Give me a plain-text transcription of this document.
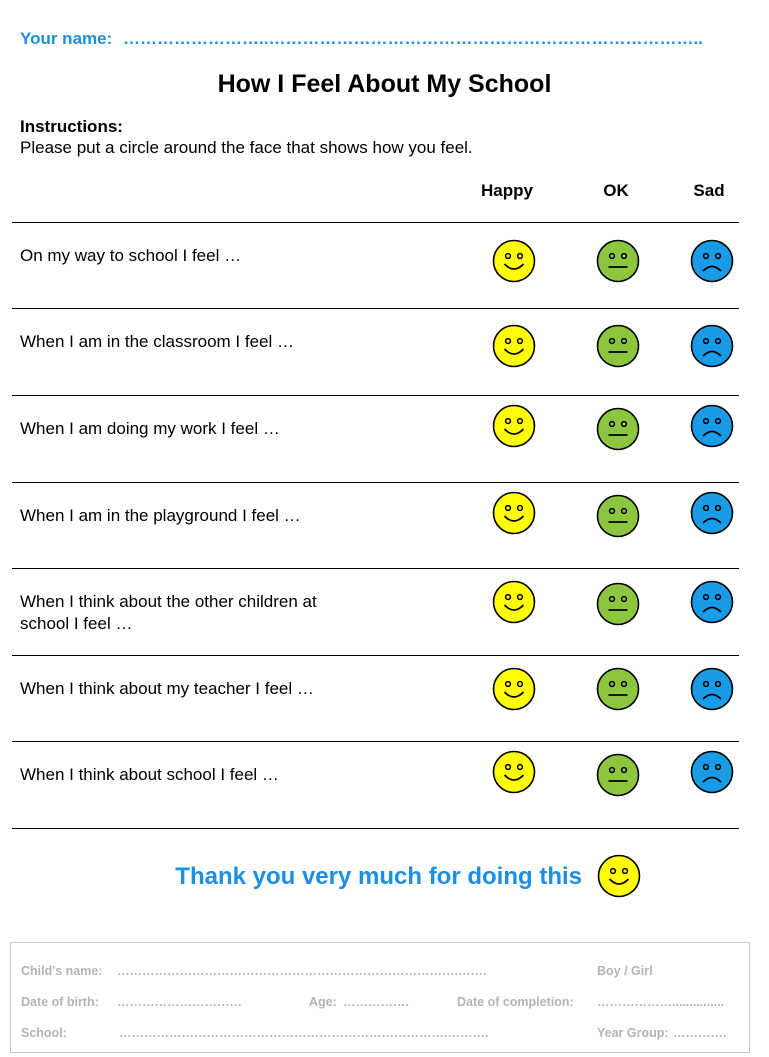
Your name: ……………………..…………………………………………………………………..
How I Feel About My School
Instructions:
Please put a circle around the face that shows how you feel.
Happy	OK	Sad
On my way to school I feel …
When I am in the classroom I feel …
When I am doing my work I feel …
When I am in the playground I feel …
When I think about the other children at
school I feel …
When I think about my teacher I feel …
When I think about school I feel …
Thank you very much for doing this
Child's name: ……………………………………………………………………….…….	Boy / Girl
Date of birth: …………………………	Age: …………….	Date of completion: ………………...............
School:	…………………………………………………………………….……….	Year Group: ………….
